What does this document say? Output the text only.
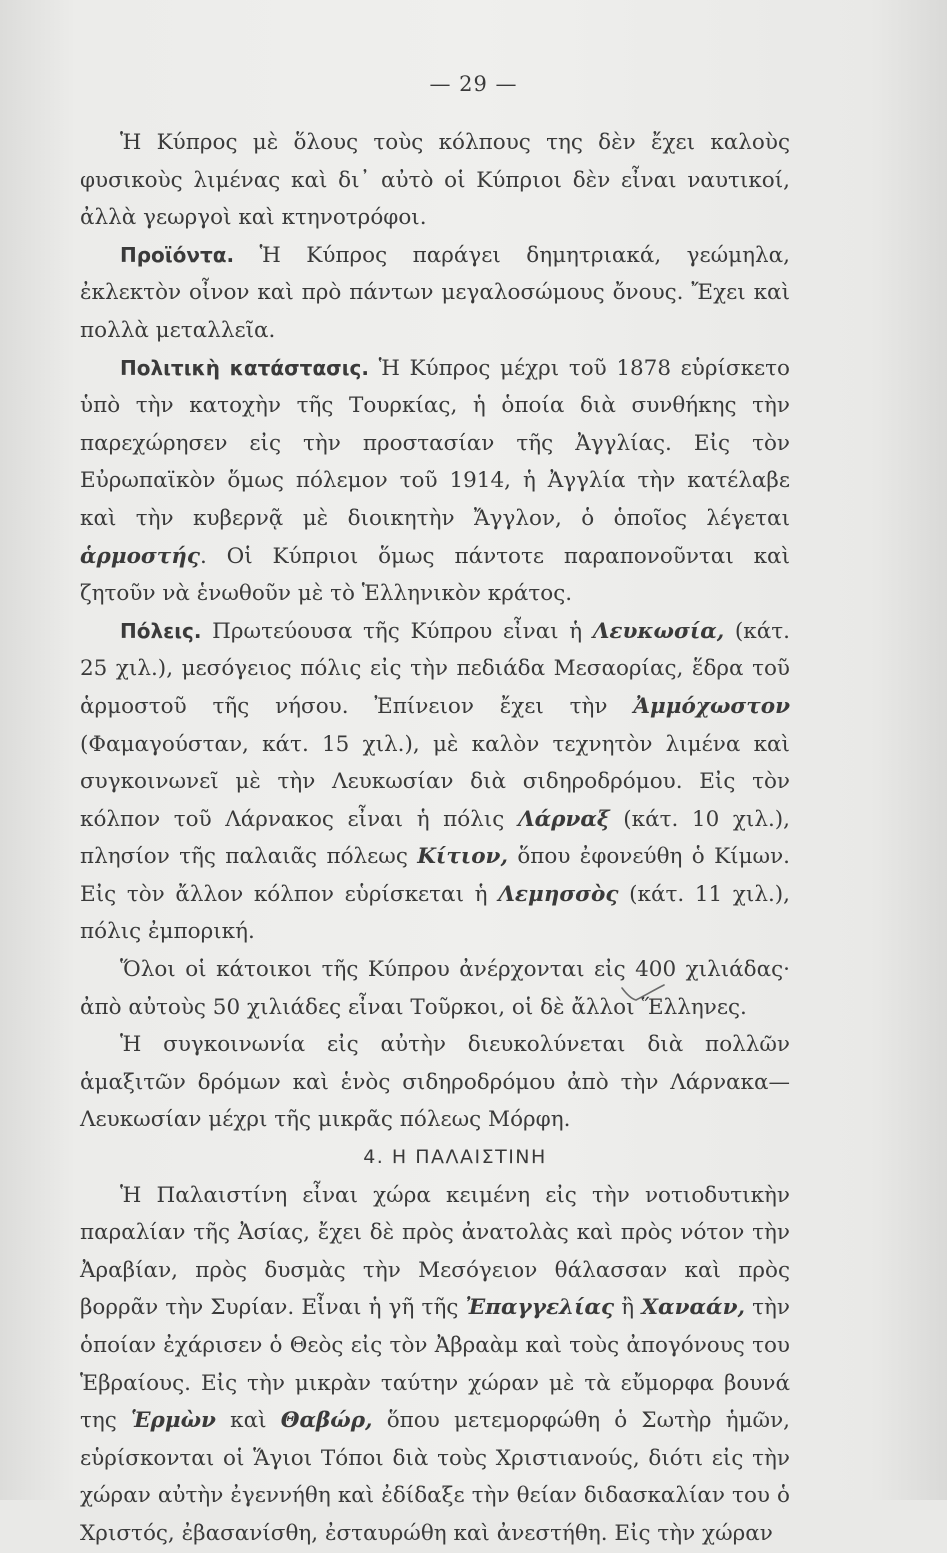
— 29 —

Ἡ Κύπρος μὲ ὅλους τοὺς κόλπους της δὲν ἔχει καλοὺς φυσικοὺς λιμένας καὶ δι᾽ αὐτὸ οἱ Κύπριοι δὲν εἶναι ναυτικοί, ἀλλὰ γεωργοὶ καὶ κτηνοτρόφοι.

Προϊόντα. Ἡ Κύπρος παράγει δημητριακά, γεώμηλα, ἐκλεκτὸν οἶνον καὶ πρὸ πάντων μεγαλοσώμους ὄνους. Ἔχει καὶ πολλὰ μεταλλεῖα.

Πολιτικὴ κατάστασις. Ἡ Κύπρος μέχρι τοῦ 1878 εὑρίσκετο ὑπὸ τὴν κατοχὴν τῆς Τουρκίας, ἡ ὁποία διὰ συνθήκης τὴν παρεχώρησεν εἰς τὴν προστασίαν τῆς Ἀγγλίας. Εἰς τὸν Εὐρωπαϊκὸν ὅμως πόλεμον τοῦ 1914, ἡ Ἀγγλία τὴν κατέλαβε καὶ τὴν κυβερνᾷ μὲ διοικητὴν Ἄγγλον, ὁ ὁποῖος λέγεται ἁρμοστής. Οἱ Κύπριοι ὅμως πάντοτε παραπονοῦνται καὶ ζητοῦν νὰ ἑνωθοῦν μὲ τὸ Ἑλληνικὸν κράτος.

Πόλεις. Πρωτεύουσα τῆς Κύπρου εἶναι ἡ Λευκωσία, (κάτ. 25 χιλ.), μεσόγειος πόλις εἰς τὴν πεδιάδα Μεσαορίας, ἕδρα τοῦ ἁρμοστοῦ τῆς νήσου. Ἐπίνειον ἔχει τὴν Ἀμμόχωστον (Φαμαγούσταν, κάτ. 15 χιλ.), μὲ καλὸν τεχνητὸν λιμένα καὶ συγκοινωνεῖ μὲ τὴν Λευκωσίαν διὰ σιδηροδρόμου. Εἰς τὸν κόλπον τοῦ Λάρνακος εἶναι ἡ πόλις Λάρναξ (κάτ. 10 χιλ.), πλησίον τῆς παλαιᾶς πόλεως Κίτιον, ὅπου ἐφονεύθη ὁ Κίμων. Εἰς τὸν ἄλλον κόλπον εὑρίσκεται ἡ Λεμησσὸς (κάτ. 11 χιλ.), πόλις ἐμπορική.

Ὅλοι οἱ κάτοικοι τῆς Κύπρου ἀνέρχονται εἰς 400 χιλιάδας· ἀπὸ αὐτοὺς 50 χιλιάδες εἶναι Τοῦρκοι, οἱ δὲ ἄλλοι Ἕλληνες.

Ἡ συγκοινωνία εἰς αὐτὴν διευκολύνεται διὰ πολλῶν ἁμαξιτῶν δρόμων καὶ ἑνὸς σιδηροδρόμου ἀπὸ τὴν Λάρνακα—Λευκωσίαν μέχρι τῆς μικρᾶς πόλεως Μόρφη.

4. Η ΠΑΛΑΙΣΤΙΝΗ

Ἡ Παλαιστίνη εἶναι χώρα κειμένη εἰς τὴν νοτιοδυτικὴν παραλίαν τῆς Ἀσίας, ἔχει δὲ πρὸς ἀνατολὰς καὶ πρὸς νότον τὴν Ἀραβίαν, πρὸς δυσμὰς τὴν Μεσόγειον θάλασσαν καὶ πρὸς βορρᾶν τὴν Συρίαν. Εἶναι ἡ γῆ τῆς Ἐπαγγελίας ἢ Χαναάν, τὴν ὁποίαν ἐχάρισεν ὁ Θεὸς εἰς τὸν Ἀβραὰμ καὶ τοὺς ἀπογόνους του Ἑβραίους. Εἰς τὴν μικρὰν ταύτην χώραν μὲ τὰ εὔμορφα βουνά της Ἑρμὼν καὶ Θαβώρ, ὅπου μετεμορφώθη ὁ Σωτὴρ ἡμῶν, εὑρίσκονται οἱ Ἅγιοι Τόποι διὰ τοὺς Χριστιανούς, διότι εἰς τὴν χώραν αὐτὴν ἐγεννήθη καὶ ἐδίδαξε τὴν θείαν διδασκαλίαν του ὁ Χριστός, ἐβασανίσθη, ἐσταυρώθη καὶ ἀνεστήθη. Εἰς τὴν χώραν
